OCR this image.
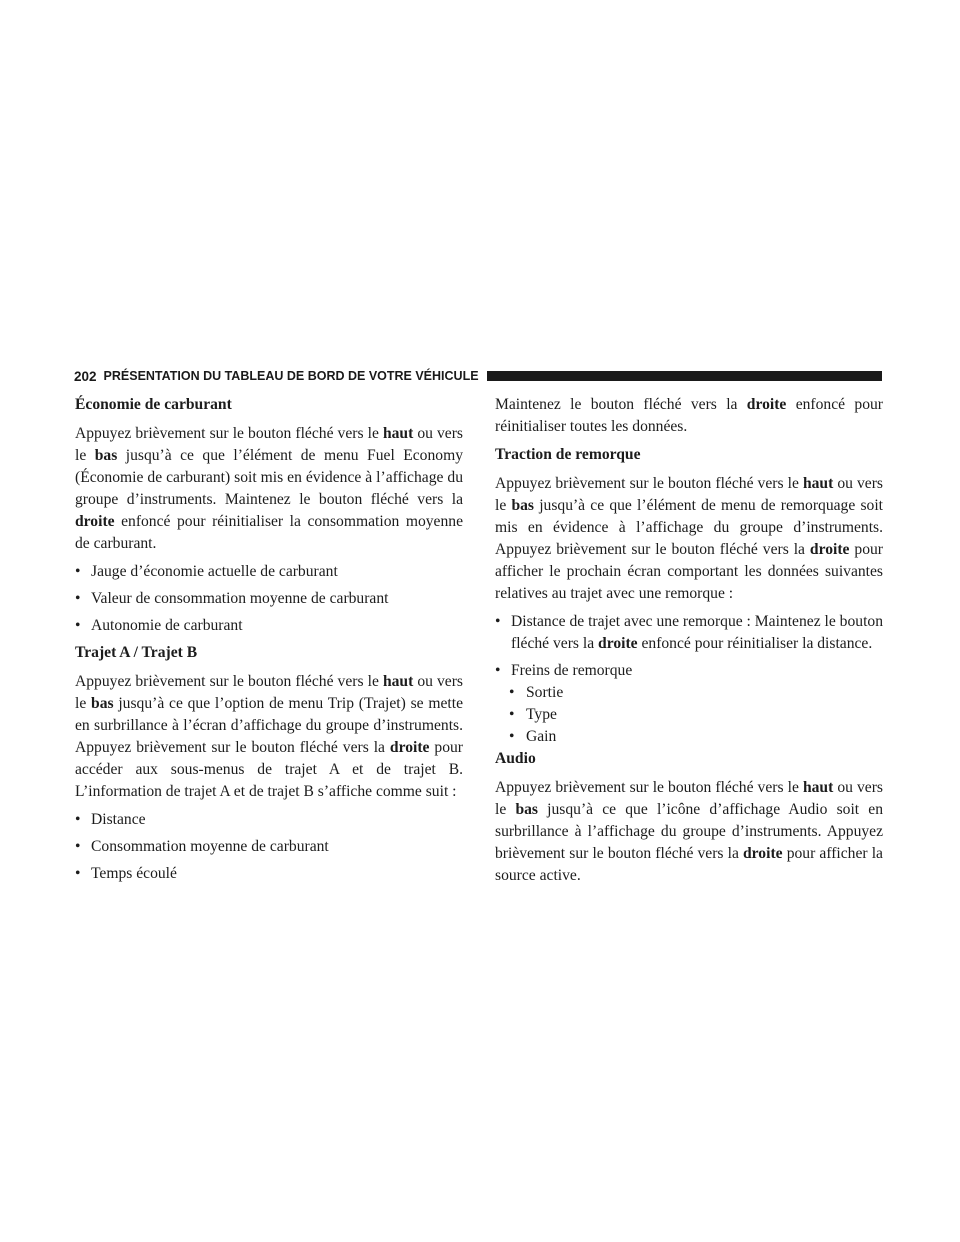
202 PRÉSENTATION DU TABLEAU DE BORD DE VOTRE VÉHICULE
Économie de carburant

Appuyez brièvement sur le bouton fléché vers le haut ou vers le bas jusqu’à ce que l’élément de menu Fuel Economy (Économie de carburant) soit mis en évidence à l’affichage du groupe d’instruments. Maintenez le bouton fléché vers la droite enfoncé pour réinitialiser la consommation moyenne de carburant.

• Jauge d’économie actuelle de carburant
• Valeur de consommation moyenne de carburant
• Autonomie de carburant
Trajet A / Trajet B

Appuyez brièvement sur le bouton fléché vers le haut ou vers le bas jusqu’à ce que l’option de menu Trip (Trajet) se mette en surbrillance à l’écran d’affichage du groupe d’instruments. Appuyez brièvement sur le bouton fléché vers la droite pour accéder aux sous-menus de trajet A et de trajet B. L’information de trajet A et de trajet B s’affiche comme suit :

• Distance
• Consommation moyenne de carburant
• Temps écoulé

Maintenez le bouton fléché vers la droite enfoncé pour réinitialiser toutes les données.

Traction de remorque

Appuyez brièvement sur le bouton fléché vers le haut ou vers le bas jusqu’à ce que l’élément de menu de remorquage soit mis en évidence à l’affichage du groupe d’instruments. Appuyez brièvement sur le bouton fléché vers la droite pour afficher le prochain écran comportant les données suivantes relatives au trajet avec une remorque :

• Distance de trajet avec une remorque : Maintenez le bouton fléché vers la droite enfoncé pour réinitialiser la distance.
• Freins de remorque
• Sortie
• Type
• Gain
Audio

Appuyez brièvement sur le bouton fléché vers le haut ou vers le bas jusqu’à ce que l’icône d’affichage Audio soit en surbrillance à l’affichage du groupe d’instruments. Appuyez brièvement sur le bouton fléché vers la droite pour afficher la source active.
